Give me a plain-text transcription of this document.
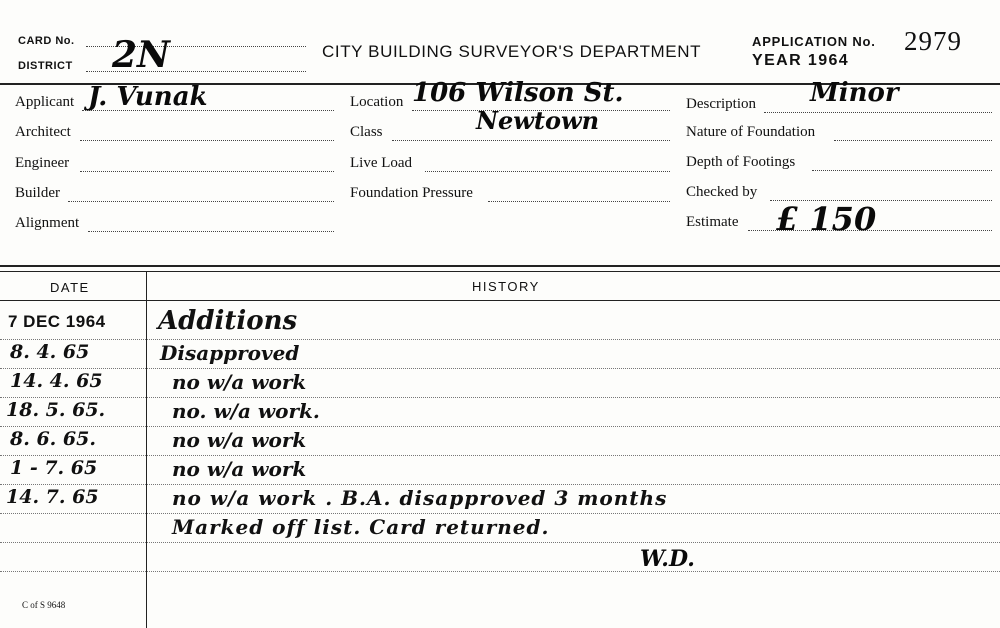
CARD No.
DISTRICT 2N	CITY BUILDING SURVEYOR'S DEPARTMENT
APPLICATION No. 2979
YEAR 1964
Applicant J. Vunak
Architect
Engineer
Builder
Alignment
Location 106 Wilson St.
Class	Newtown
Live Load
Foundation Pressure
Description Minor
Nature of Foundation
Depth of Footings
Checked by
Estimate £ 150
DATE	HISTORY
7 DEC 1964 Additions
8. 4. 65	Disapproved
14. 4. 65	no w/a work
18. 5. 65.	no. w/a work.
8. 6. 65.	no w/a work
1 - 7. 65	no w/a work
14. 7. 65	no w/a work . B.A. disapproved 3 months
Marked off list. Card returned.
W.D.
C of S 9648
